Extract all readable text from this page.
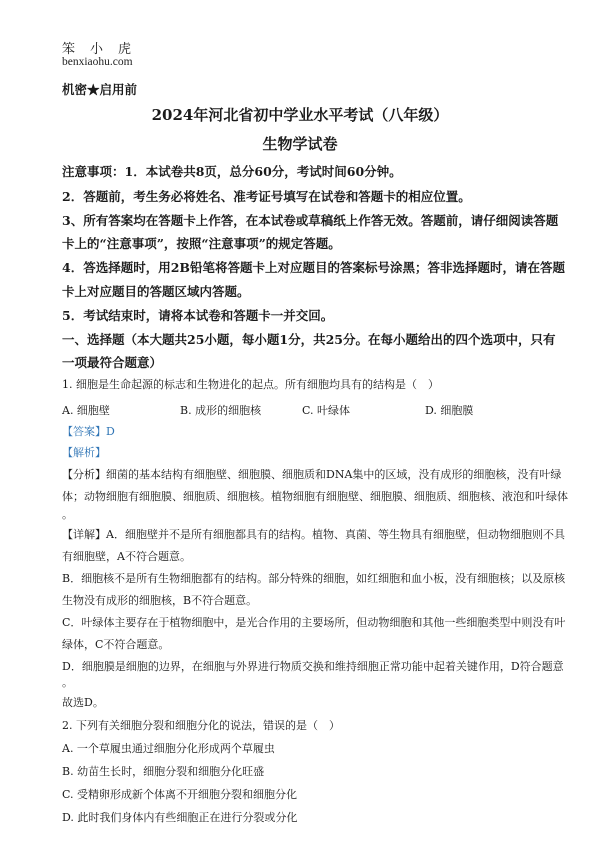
笨小虎
benxiaohu.com
机密★启用前
2024年河北省初中学业水平考试（八年级）
生物学试卷
注意事项：1．本试卷共8页，总分60分，考试时间60分钟。
2．答题前，考生务必将姓名、准考证号填写在试卷和答题卡的相应位置。
3、所有答案均在答题卡上作答，在本试卷或草稿纸上作答无效。答题前，请仔细阅读答题
卡上的“注意事项”，按照“注意事项”的规定答题。
4．答选择题时，用2B铅笔将答题卡上对应题目的答案标号涂黑；答非选择题时，请在答题
卡上对应题目的答题区域内答题。
5．考试结束时，请将本试卷和答题卡一并交回。
一、选择题（本大题共25小题，每小题1分，共25分。在每小题给出的四个选项中，只有
一项最符合题意）
1. 细胞是生命起源的标志和生物进化的起点。所有细胞均具有的结构是（　）
A. 细胞壁	B. 成形的细胞核	C. 叶绿体	D. 细胞膜
【答案】D
【解析】
【分析】细菌的基本结构有细胞壁、细胞膜、细胞质和DNA集中的区域，没有成形的细胞核，没有叶绿
体；动物细胞有细胞膜、细胞质、细胞核。植物细胞有细胞壁、细胞膜、细胞质、细胞核、液泡和叶绿体
。
【详解】A．细胞壁并不是所有细胞都具有的结构。植物、真菌、等生物具有细胞壁，但动物细胞则不具
有细胞壁，A不符合题意。
B．细胞核不是所有生物细胞都有的结构。部分特殊的细胞，如红细胞和血小板，没有细胞核；以及原核
生物没有成形的细胞核，B不符合题意。
C．叶绿体主要存在于植物细胞中，是光合作用的主要场所，但动物细胞和其他一些细胞类型中则没有叶
绿体，C不符合题意。
D．细胞膜是细胞的边界，在细胞与外界进行物质交换和维持细胞正常功能中起着关键作用，D符合题意
。
故选D。
2. 下列有关细胞分裂和细胞分化的说法，错误的是（　）
A. 一个草履虫通过细胞分化形成两个草履虫
B. 幼苗生长时，细胞分裂和细胞分化旺盛
C. 受精卵形成新个体离不开细胞分裂和细胞分化
D. 此时我们身体内有些细胞正在进行分裂或分化
